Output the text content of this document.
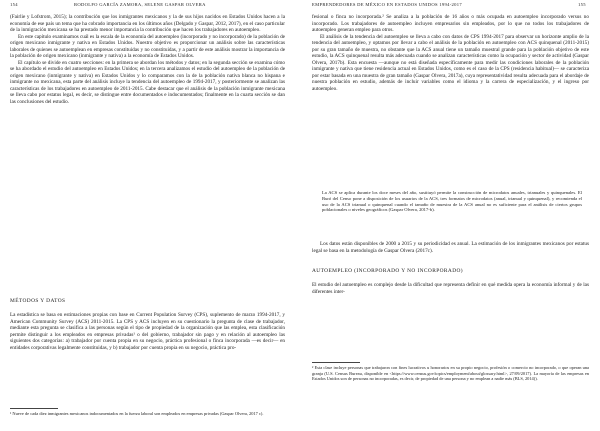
154	RODOLFO GARCÍA ZAMORA, SELENE GASPAR OLVERA

(Fairlie y Lofstrom, 2015); la contribución que los inmigrantes mexicanos y la de sus hijos nacidos en Estados Unidos hacen a la economía de ese país un tema que ha cobrado importancia en los últimos años (Delgado y Gaspar, 2012, 2017), en el caso particular de la inmigración mexicana se ha prestado menor importancia la contribución que hacen los trabajadores en autoempleo.

En este capítulo examinamos cuál es la escala de la economía del autoempleo (incorporado y no incorporado) de la población de origen mexicano inmigrante y nativa en Estados Unidos. Nuestro objetivo es proporcionar un análisis sobre las características laborales de quienes se autoemplean en empresas constituidas y no constituidas, y a partir de este análisis mostrar la importancia de la población de origen mexicano (inmigrante y nativa) a la economía de Estados Unidos.

El capítulo se divide en cuatro secciones: en la primera se abordan los métodos y datos; en la segunda sección se examina cómo se ha abordado el estudio del autoempleo en Estados Unidos; en la tercera analizamos el estudio del autoempleo de la población de origen mexicano (inmigrante y nativa) en Estados Unidos y lo comparamos con la de la población nativa blanca no hispana e inmigrante no mexicana, esta parte del análisis incluye la tendencia del autoempleo de 1994-2017, y posteriormente se analizan las características de los trabajadores en autoempleo de 2011-2015. Cabe destacar que el análisis de la población inmigrante mexicana se lleva cabo por estatus legal, es decir, se distingue entre documentados e indocumentados; finalmente en la cuarta sección se dan las conclusiones del estudio.

MÉTODOS Y DATOS

La estadística se basa en estimaciones propias con base en Current Population Survey (CPS), suplemento de marzo 1994-2017, y American Community Survey (ACS) 2011-2015. La CPS y ACS incluyen en su cuestionario la pregunta de clase de trabajador, mediante esta pregunta se clasifica a las personas según el tipo de propiedad de la organización que las emplea, esta clasificación permite distinguir a los empleados en empresas privadas¹ o del gobierno, trabajador sin pago y en relación al autoempleo las siguientes dos categorías: a) trabajador por cuenta propia en su negocio, práctica profesional o finca incorporada —es decir— en entidades corporativas legalmente constituidas, y b) trabajador por cuenta propia en su negocio, práctica pro-

¹ Nueve de cada diez inmigrantes mexicanos indocumentados en la fuerza laboral son empleados en empresas privadas (Gaspar Olvera, 2017 c).
EMPRENDEDORES DE MÉXICO EN ESTADOS UNIDOS 1994-2017	155

fesional o finca no incorporada.² Se analiza a la población de 16 años o más ocupada en autoempleo incorporado versus no incorporado. Los trabajadores de autoempleo incluyen empresarios sin empleados, por lo que no todos los trabajadores de autoempleo generan empleo para otros.

El análisis de la tendencia del autoempleo se lleva a cabo con datos de CPS 1994-2017 para observar un horizonte amplio de la tendencia del autoempleo, y optamos por llevar a cabo el análisis de la población en autoempleo con ACS quinquenal (2011-2015) por su gran tamaño de muestra, no obstante que la ACS anual tiene un tamaño muestral grande para la población objetivo de este estudio, la ACS quinquenal resulta más adecuada cuando se analizan características como la ocupación y sector de actividad (Gaspar Olvera, 2017b). Esta encuesta —aunque no está diseñada específicamente para medir las condiciones laborales de la población inmigrante y nativa que tiene residencia actual en Estados Unidos, como es el caso de la CPS (residencia habitual)— se caracteriza por estar basada en una muestra de gran tamaño (Gaspar Olvera, 2017a), cuya representatividad resulta adecuada para el abordaje de nuestra población en estudio, además de incluir variables como el idioma y la carrera de especialización, y el ingreso por autoempleo.

La ACS se aplica durante los doce meses del año, sustituyó permite la construcción de microdatos anuales, trianuales y quinquenales. El Buró del Censo pone a disposición de los usuarios de la ACS, tres formatos de microdatos (anual, trianual y quinquenal), y recomienda el uso de la ACS trianual o quinquenal cuando el tamaño de muestra de la ACS anual no es suficiente para el análisis de ciertos grupos poblacionales o niveles geográficos (Gaspar Olvera, 2017-b).

Los datos están disponibles de 2000 a 2015 y su periodicidad es anual. La estimación de los inmigrantes mexicanos por estatus legal se basa en la metodología de Gaspar Olvera (2017c).

AUTOEMPLEO (INCORPORADO Y NO INCORPORADO)

El estudio del autoempleo es complejo desde la dificultad que representa definir en qué medida opera la economía informal y de las diferentes inter-

² Esta clase incluye personas que trabajaron con fines lucrativos u honorarios en su propio negocio, profesión o comercio no incorporado, o que operan una granja (U.S. Census Bureau, disponible en <https://www.census.gov/topics/employment/about/glossary.html>, 27/09/2017). La mayoría de las empresas en Estados Unidos son de personas no incorporadas, es decir, de propiedad de una persona y no emplean a nadie más (BLS, 2014)).
